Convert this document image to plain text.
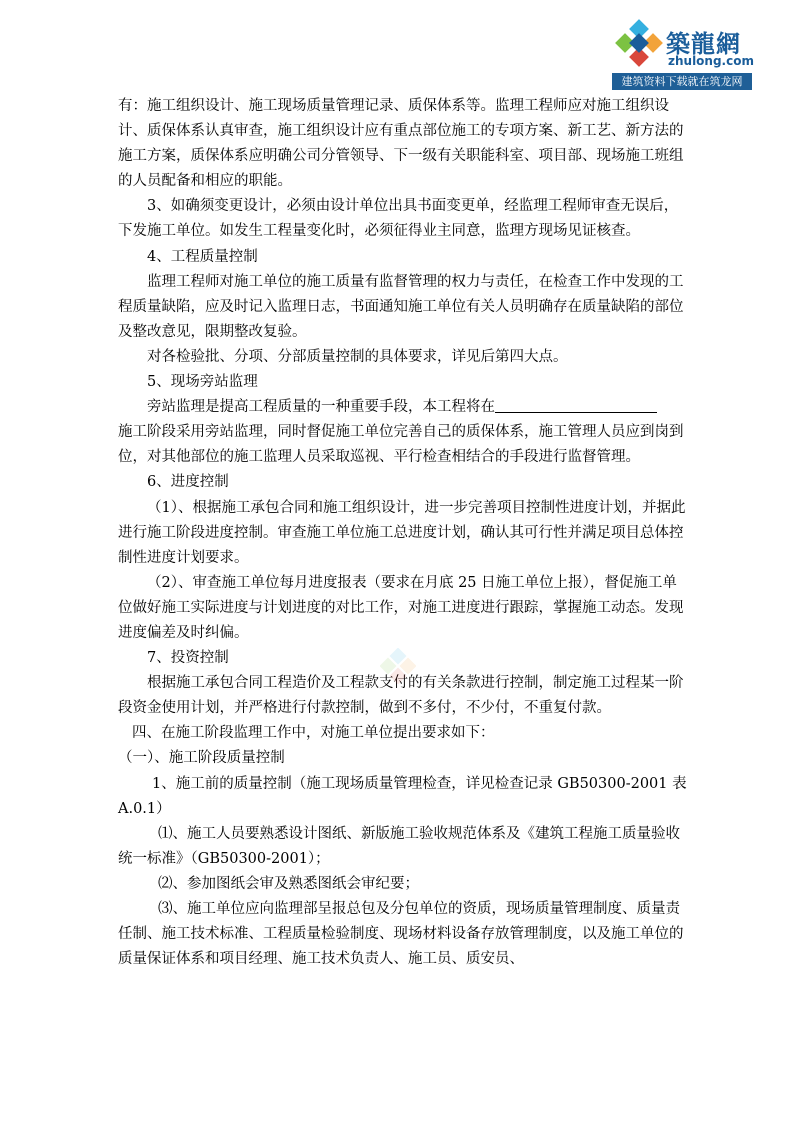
築龍網
zhulong.com
建筑资料下载就在筑龙网

有：施工组织设计、施工现场质量管理记录、质保体系等。监理工程师应对施工组织设计、质保体系认真审查，施工组织设计应有重点部位施工的专项方案、新工艺、新方法的施工方案，质保体系应明确公司分管领导、下一级有关职能科室、项目部、现场施工班组的人员配备和相应的职能。

3、如确须变更设计，必须由设计单位出具书面变更单，经监理工程师审查无误后，下发施工单位。如发生工程量变化时，必须征得业主同意，监理方现场见证核查。

4、工程质量控制

监理工程师对施工单位的施工质量有监督管理的权力与责任，在检查工作中发现的工程质量缺陷，应及时记入监理日志，书面通知施工单位有关人员明确存在质量缺陷的部位及整改意见，限期整改复验。

对各检验批、分项、分部质量控制的具体要求，详见后第四大点。

5、现场旁站监理

旁站监理是提高工程质量的一种重要手段，本工程将在

施工阶段采用旁站监理，同时督促施工单位完善自己的质保体系，施工管理人员应到岗到位，对其他部位的施工监理人员采取巡视、平行检查相结合的手段进行监督管理。

6、进度控制

（1）、根据施工承包合同和施工组织设计，进一步完善项目控制性进度计划，并据此进行施工阶段进度控制。审查施工单位施工总进度计划，确认其可行性并满足项目总体控制性进度计划要求。

（2）、审查施工单位每月进度报表（要求在月底 25 日施工单位上报），督促施工单位做好施工实际进度与计划进度的对比工作，对施工进度进行跟踪，掌握施工动态。发现进度偏差及时纠偏。

7、投资控制

根据施工承包合同工程造价及工程款支付的有关条款进行控制，制定施工过程某一阶段资金使用计划，并严格进行付款控制，做到不多付，不少付，不重复付款。

四、在施工阶段监理工作中，对施工单位提出要求如下：

（一）、施工阶段质量控制

1、施工前的质量控制（施工现场质量管理检查，详见检查记录 GB50300-2001 表 A.0.1）

⑴、施工人员要熟悉设计图纸、新版施工验收规范体系及《建筑工程施工质量验收统一标准》（GB50300-2001）；

⑵、参加图纸会审及熟悉图纸会审纪要；

⑶、施工单位应向监理部呈报总包及分包单位的资质，现场质量管理制度、质量责任制、施工技术标准、工程质量检验制度、现场材料设备存放管理制度，以及施工单位的质量保证体系和项目经理、施工技术负责人、施工员、质安员、
